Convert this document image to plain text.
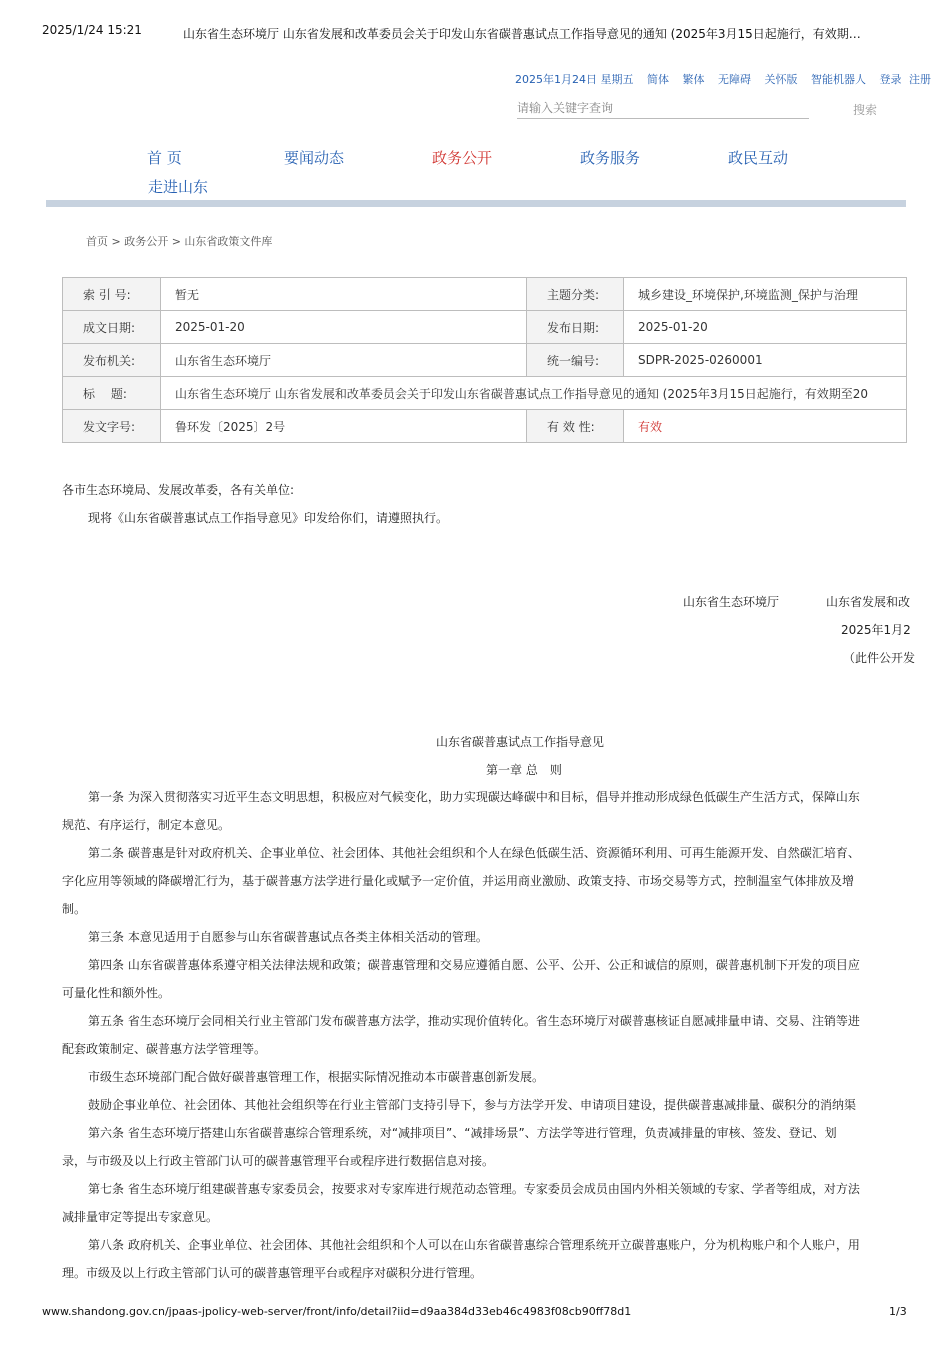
2025/1/24 15:21	山东省生态环境厅 山东省发展和改革委员会关于印发山东省碳普惠试点工作指导意见的通知 (2025年3月15日起施行，有效期…
2025年1月24日 星期五 简体 繁体 无障碍 关怀版 智能机器人 登录 注册
请输入关键字查询
搜索
首 页	要闻动态	政务公开	政务服务	政民互动
走进山东
首页 > 政务公开 > 山东省政策文件库
索 引 号:	暂无	主题分类:	城乡建设_环境保护,环境监测_保护与治理
成文日期:	2025-01-20	发布日期:	2025-01-20
发布机关:	山东省生态环境厅	统一编号:	SDPR-2025-0260001
标　 题:	山东省生态环境厅 山东省发展和改革委员会关于印发山东省碳普惠试点工作指导意见的通知 (2025年3月15日起施行，有效期至20		
发文字号:	鲁环发〔2025〕2号	有 效 性:	有效
各市生态环境局、发展改革委，各有关单位:
现将《山东省碳普惠试点工作指导意见》印发给你们，请遵照执行。
山东省生态环境厅	山东省发展和改
2025年1月2
（此件公开发
山东省碳普惠试点工作指导意见
第一章 总　则

第一条 为深入贯彻落实习近平生态文明思想，积极应对气候变化，助力实现碳达峰碳中和目标，倡导并推动形成绿色低碳生产生活方式，保障山东

规范、有序运行，制定本意见。

第二条 碳普惠是针对政府机关、企事业单位、社会团体、其他社会组织和个人在绿色低碳生活、资源循环利用、可再生能源开发、自然碳汇培育、

字化应用等领域的降碳增汇行为，基于碳普惠方法学进行量化或赋予一定价值，并运用商业激励、政策支持、市场交易等方式，控制温室气体排放及增

制。

第三条 本意见适用于自愿参与山东省碳普惠试点各类主体相关活动的管理。

第四条 山东省碳普惠体系遵守相关法律法规和政策；碳普惠管理和交易应遵循自愿、公平、公开、公正和诚信的原则，碳普惠机制下开发的项目应

可量化性和额外性。

第五条 省生态环境厅会同相关行业主管部门发布碳普惠方法学，推动实现价值转化。省生态环境厅对碳普惠核证自愿减排量申请、交易、注销等进

配套政策制定、碳普惠方法学管理等。

市级生态环境部门配合做好碳普惠管理工作，根据实际情况推动本市碳普惠创新发展。

鼓励企事业单位、社会团体、其他社会组织等在行业主管部门支持引导下，参与方法学开发、申请项目建设，提供碳普惠减排量、碳积分的消纳渠

第六条 省生态环境厅搭建山东省碳普惠综合管理系统，对“减排项目”、“减排场景”、方法学等进行管理，负责减排量的审核、签发、登记、划

录，与市级及以上行政主管部门认可的碳普惠管理平台或程序进行数据信息对接。

第七条 省生态环境厅组建碳普惠专家委员会，按要求对专家库进行规范动态管理。专家委员会成员由国内外相关领域的专家、学者等组成，对方法

减排量审定等提出专家意见。

第八条 政府机关、企事业单位、社会团体、其他社会组织和个人可以在山东省碳普惠综合管理系统开立碳普惠账户，分为机构账户和个人账户，用

理。市级及以上行政主管部门认可的碳普惠管理平台或程序对碳积分进行管理。

www.shandong.gov.cn/jpaas-jpolicy-web-server/front/info/detail?iid=d9aa384d33eb46c4983f08cb90ff78d1	1/3
